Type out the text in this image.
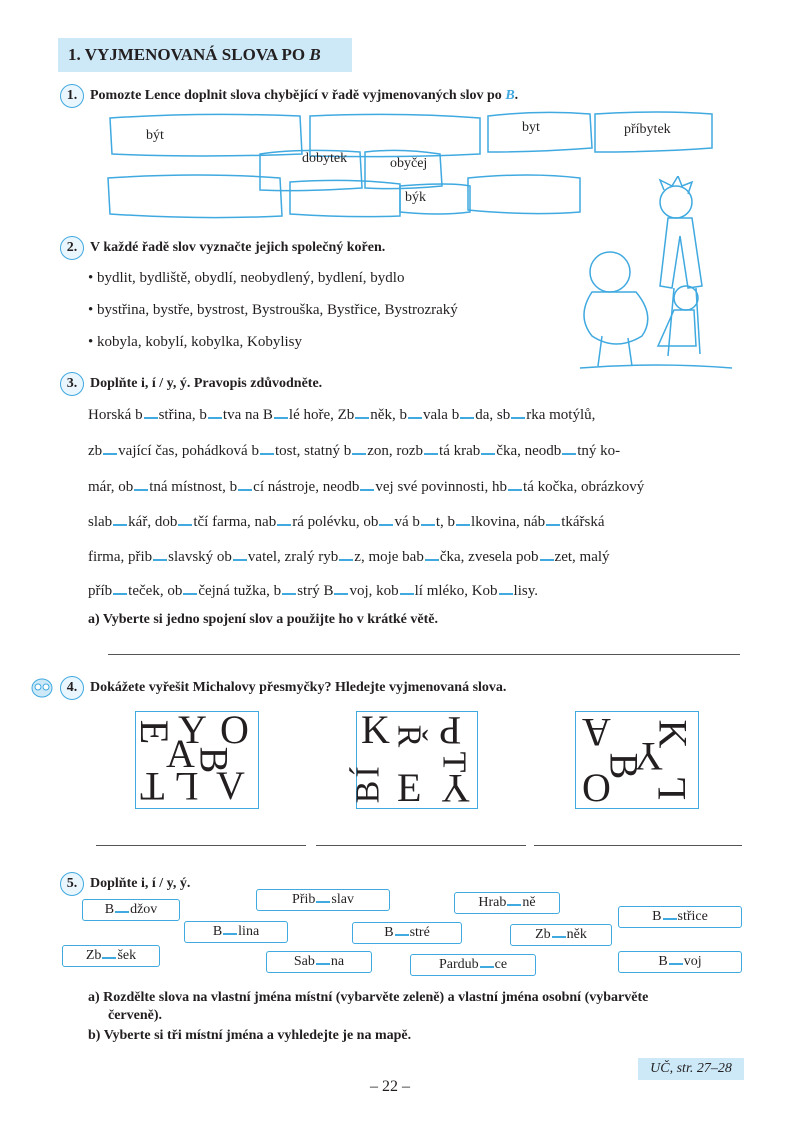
1. VYJMENOVANÁ SLOVA PO B
1. Pomozte Lence doplnit slova chybějící v řadě vyjmenovaných slov po B.
být
byt	příbytek
dobytek	obyčej
býk
2. V každé řadě slov vyznačte jejich společný kořen.
• bydlit, bydliště, obydlí, neobydlený, bydlení, bydlo
• bystřina, bystře, bystrost, Bystrouška, Bystřice, Bystrozraký
• kobyla, kobylí, kobylka, Kobylisy
3. Doplňte i, í / y, ý. Pravopis zdůvodněte.
Horská b střina, b tva na B lé hoře, Zb něk, b vala b da, sb rka motýlů,
zb vající čas, pohádková b tost, statný b zon, rozb tá krab čka, neodb tný ko-
már, ob tná místnost, b cí nástroje, neodb vej své povinnosti, hb tá kočka, obrázkový
slab kář, dob tčí farma, nab rá polévku, ob vá b t, b lkovina, náb tkářská
firma, přib slavský ob vatel, zralý ryb z, moje bab čka, zvesela pob zet, malý
příb teček, ob čejná tužka, b strý B voj, kob lí mléko, Kob lisy.
a) Vyberte si jedno spojení slov a použijte ho v krátké větě.
4. Dokážete vyřešit Michalovy přesmyčky? Hledejte vyjmenovaná slova.
E Y O
A
B
T L V
K Ř P
Í T
B E Y
A K
Y
B
O L
5. Doplňte i, í / y, ý.
B džov
Přib slav	Hrab ně
B střice
B lina	B stré	Zb něk
Zb šek	Sab na	Pardub ce	B voj
a) Rozdělte slova na vlastní jména místní (vybarvěte zeleně) a vlastní jména osobní (vybarvěte
červeně).
b) Vyberte si tři místní jména a vyhledejte je na mapě.
UČ, str. 27–28
– 22 –
